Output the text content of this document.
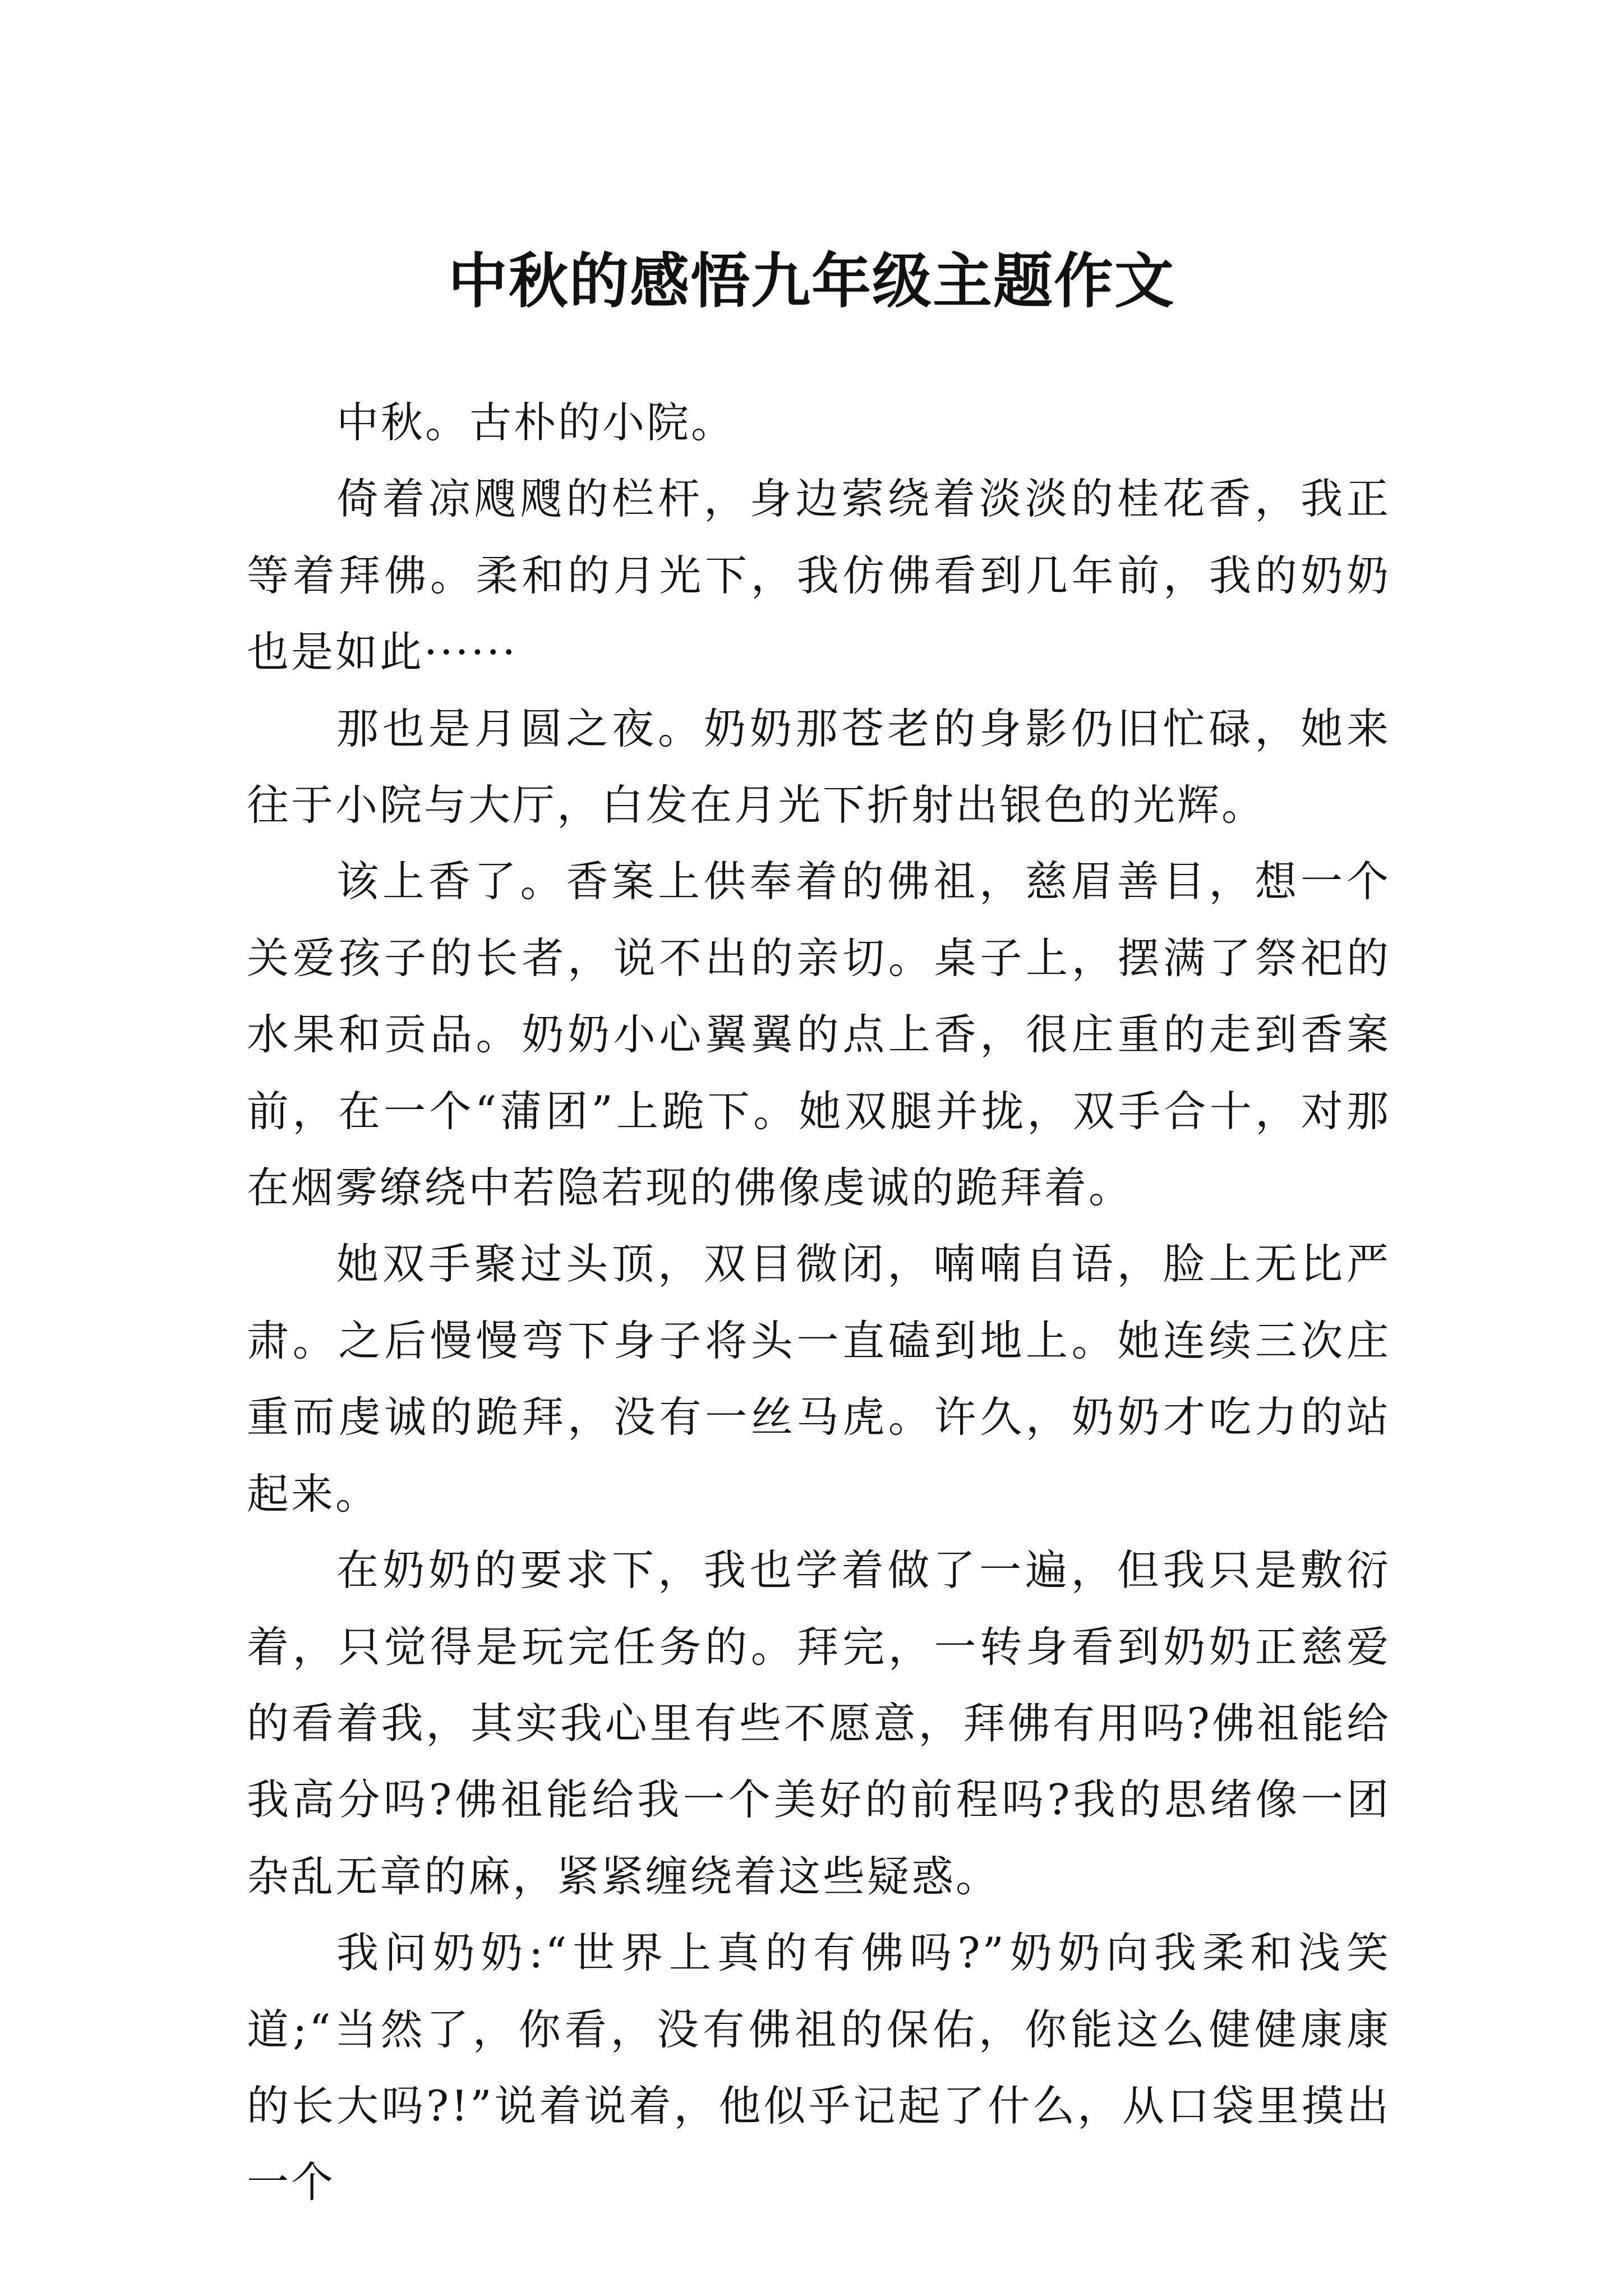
中秋的感悟九年级主题作文

中秋。古朴的小院。

倚着凉飕飕的栏杆，身边萦绕着淡淡的桂花香，我正等着拜佛。柔和的月光下，我仿佛看到几年前，我的奶奶也是如此······

那也是月圆之夜。奶奶那苍老的身影仍旧忙碌，她来往于小院与大厅，白发在月光下折射出银色的光辉。

该上香了。香案上供奉着的佛祖，慈眉善目，想一个关爱孩子的长者，说不出的亲切。桌子上，摆满了祭祀的水果和贡品。奶奶小心翼翼的点上香，很庄重的走到香案前，在一个“蒲团”上跪下。她双腿并拢，双手合十，对那在烟雾缭绕中若隐若现的佛像虔诚的跪拜着。

她双手聚过头顶，双目微闭，喃喃自语，脸上无比严肃。之后慢慢弯下身子将头一直磕到地上。她连续三次庄重而虔诚的跪拜，没有一丝马虎。许久，奶奶才吃力的站起来。

在奶奶的要求下，我也学着做了一遍，但我只是敷衍着，只觉得是玩完任务的。拜完，一转身看到奶奶正慈爱的看着我，其实我心里有些不愿意，拜佛有用吗?佛祖能给我高分吗?佛祖能给我一个美好的前程吗?我的思绪像一团杂乱无章的麻，紧紧缠绕着这些疑惑。

我问奶奶:“世界上真的有佛吗?”奶奶向我柔和浅笑道;“当然了，你看，没有佛祖的保佑，你能这么健健康康的长大吗?!”说着说着，他似乎记起了什么，从口袋里摸出一个
